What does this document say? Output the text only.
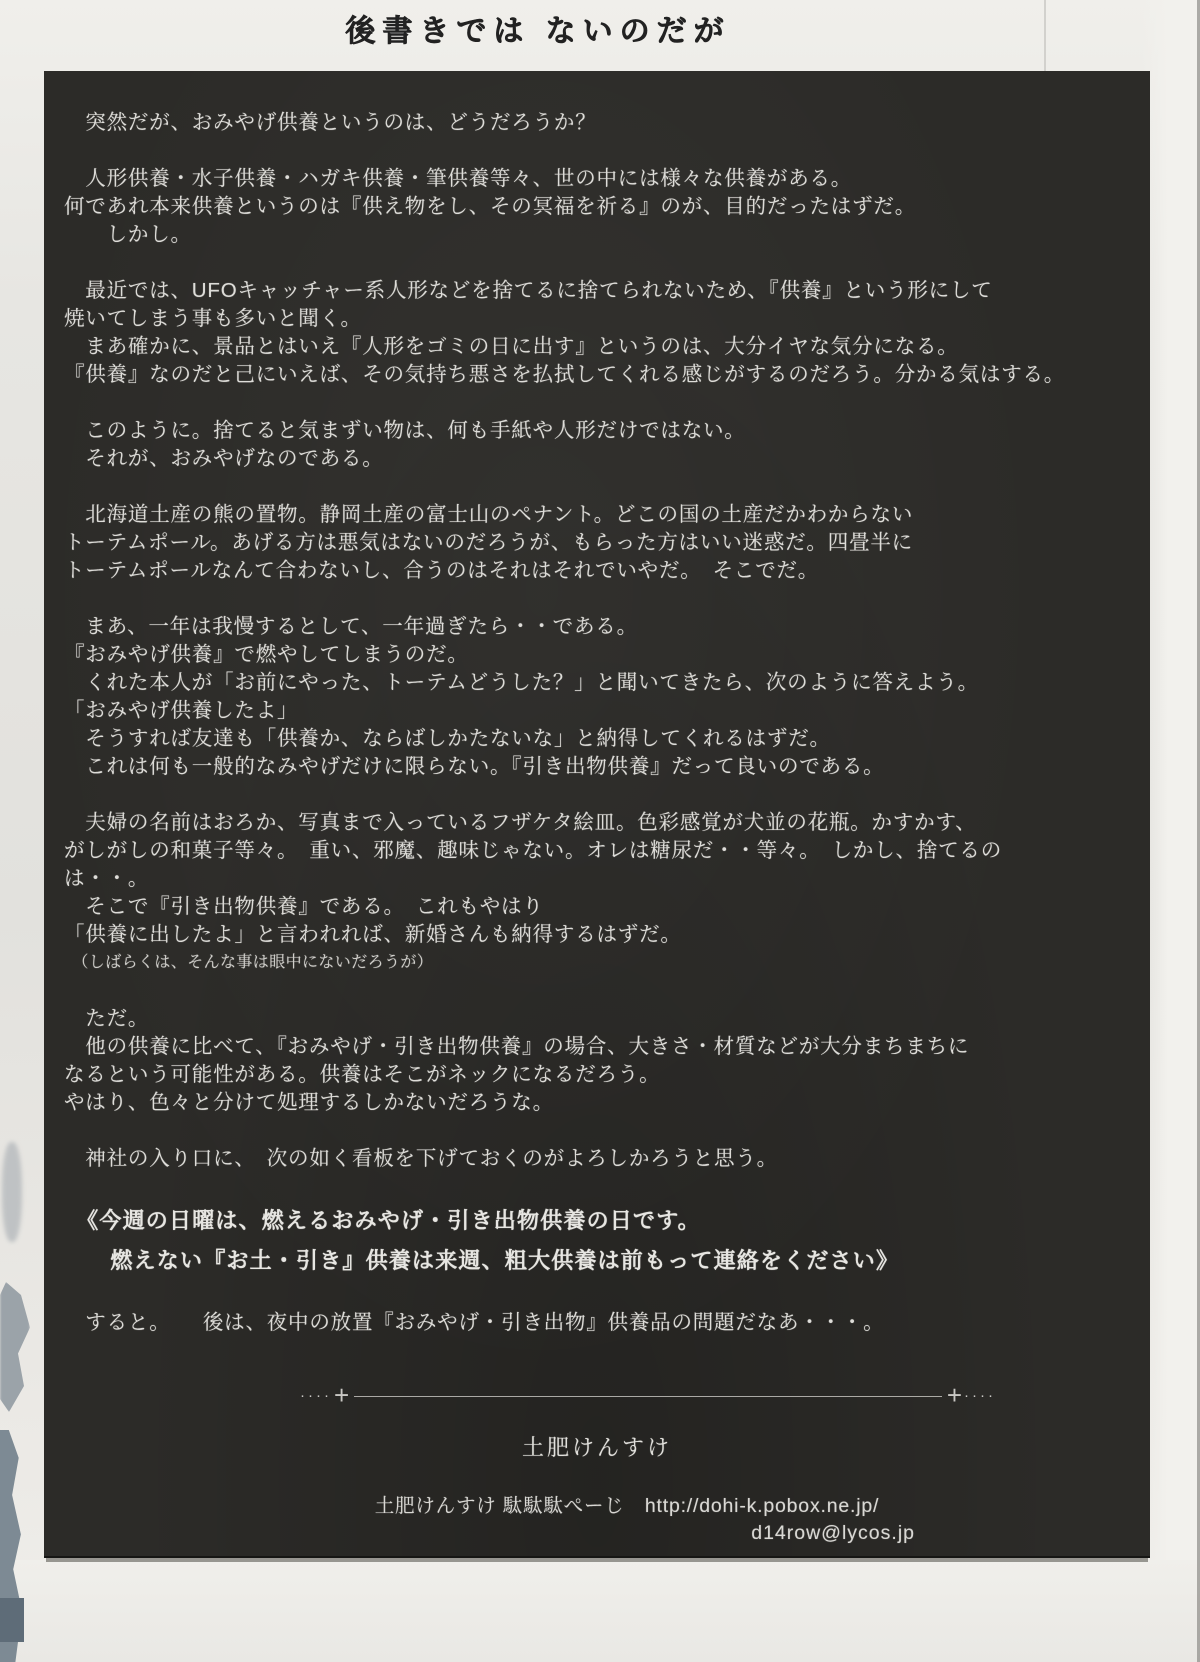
後書きでは ないのだが
　突然だが、おみやげ供養というのは、どうだろうか？
　人形供養・水子供養・ハガキ供養・筆供養等々、世の中には様々な供養がある。
何であれ本来供養というのは『供え物をし、その冥福を祈る』のが、目的だったはずだ。
　　しかし。
　最近では、UFOキャッチャー系人形などを捨てるに捨てられないため、『供養』という形にして
焼いてしまう事も多いと聞く。
　まあ確かに、景品とはいえ『人形をゴミの日に出す』というのは、大分イヤな気分になる。
『供養』なのだと己にいえば、その気持ち悪さを払拭してくれる感じがするのだろう。分かる気はする。
　このように。捨てると気まずい物は、何も手紙や人形だけではない。
　それが、おみやげなのである。
　北海道土産の熊の置物。静岡土産の富士山のペナント。どこの国の土産だかわからない
トーテムポール。あげる方は悪気はないのだろうが、もらった方はいい迷惑だ。四畳半に
トーテムポールなんて合わないし、合うのはそれはそれでいやだ。　そこでだ。
　まあ、一年は我慢するとして、一年過ぎたら・・である。
『おみやげ供養』で燃やしてしまうのだ。
　くれた本人が「お前にやった、トーテムどうした？」と聞いてきたら、次のように答えよう。
「おみやげ供養したよ」
　そうすれば友達も「供養か、ならばしかたないな」と納得してくれるはずだ。
　これは何も一般的なみやげだけに限らない。『引き出物供養』だって良いのである。
　夫婦の名前はおろか、写真まで入っているフザケタ絵皿。色彩感覚が犬並の花瓶。かすかす、
がしがしの和菓子等々。　重い、邪魔、趣味じゃない。オレは糖尿だ・・等々。　しかし、捨てるのは・・。
　そこで『引き出物供養』である。　これもやはり
「供養に出したよ」と言われれば、新婚さんも納得するはずだ。
　（しばらくは、そんな事は眼中にないだろうが）
　ただ。
　他の供養に比べて、『おみやげ・引き出物供養』の場合、大きさ・材質などが大分まちまちに
なるという可能性がある。供養はそこがネックになるだろう。
やはり、色々と分けて処理するしかないだろうな。
　神社の入り口に、　次の如く看板を下げておくのがよろしかろうと思う。
　《今週の日曜は、燃えるおみやげ・引き出物供養の日です。
　　燃えない『お土・引き』供養は来週、粗大供養は前もって連絡をください》
　すると。　　後は、夜中の放置『おみやげ・引き出物』供養品の問題だなあ・・・。
···· +	+ ····
土肥けんすけ
土肥けんすけ 駄駄駄ぺーじ　http://dohi-k.pobox.ne.jp/
d14row@lycos.jp
